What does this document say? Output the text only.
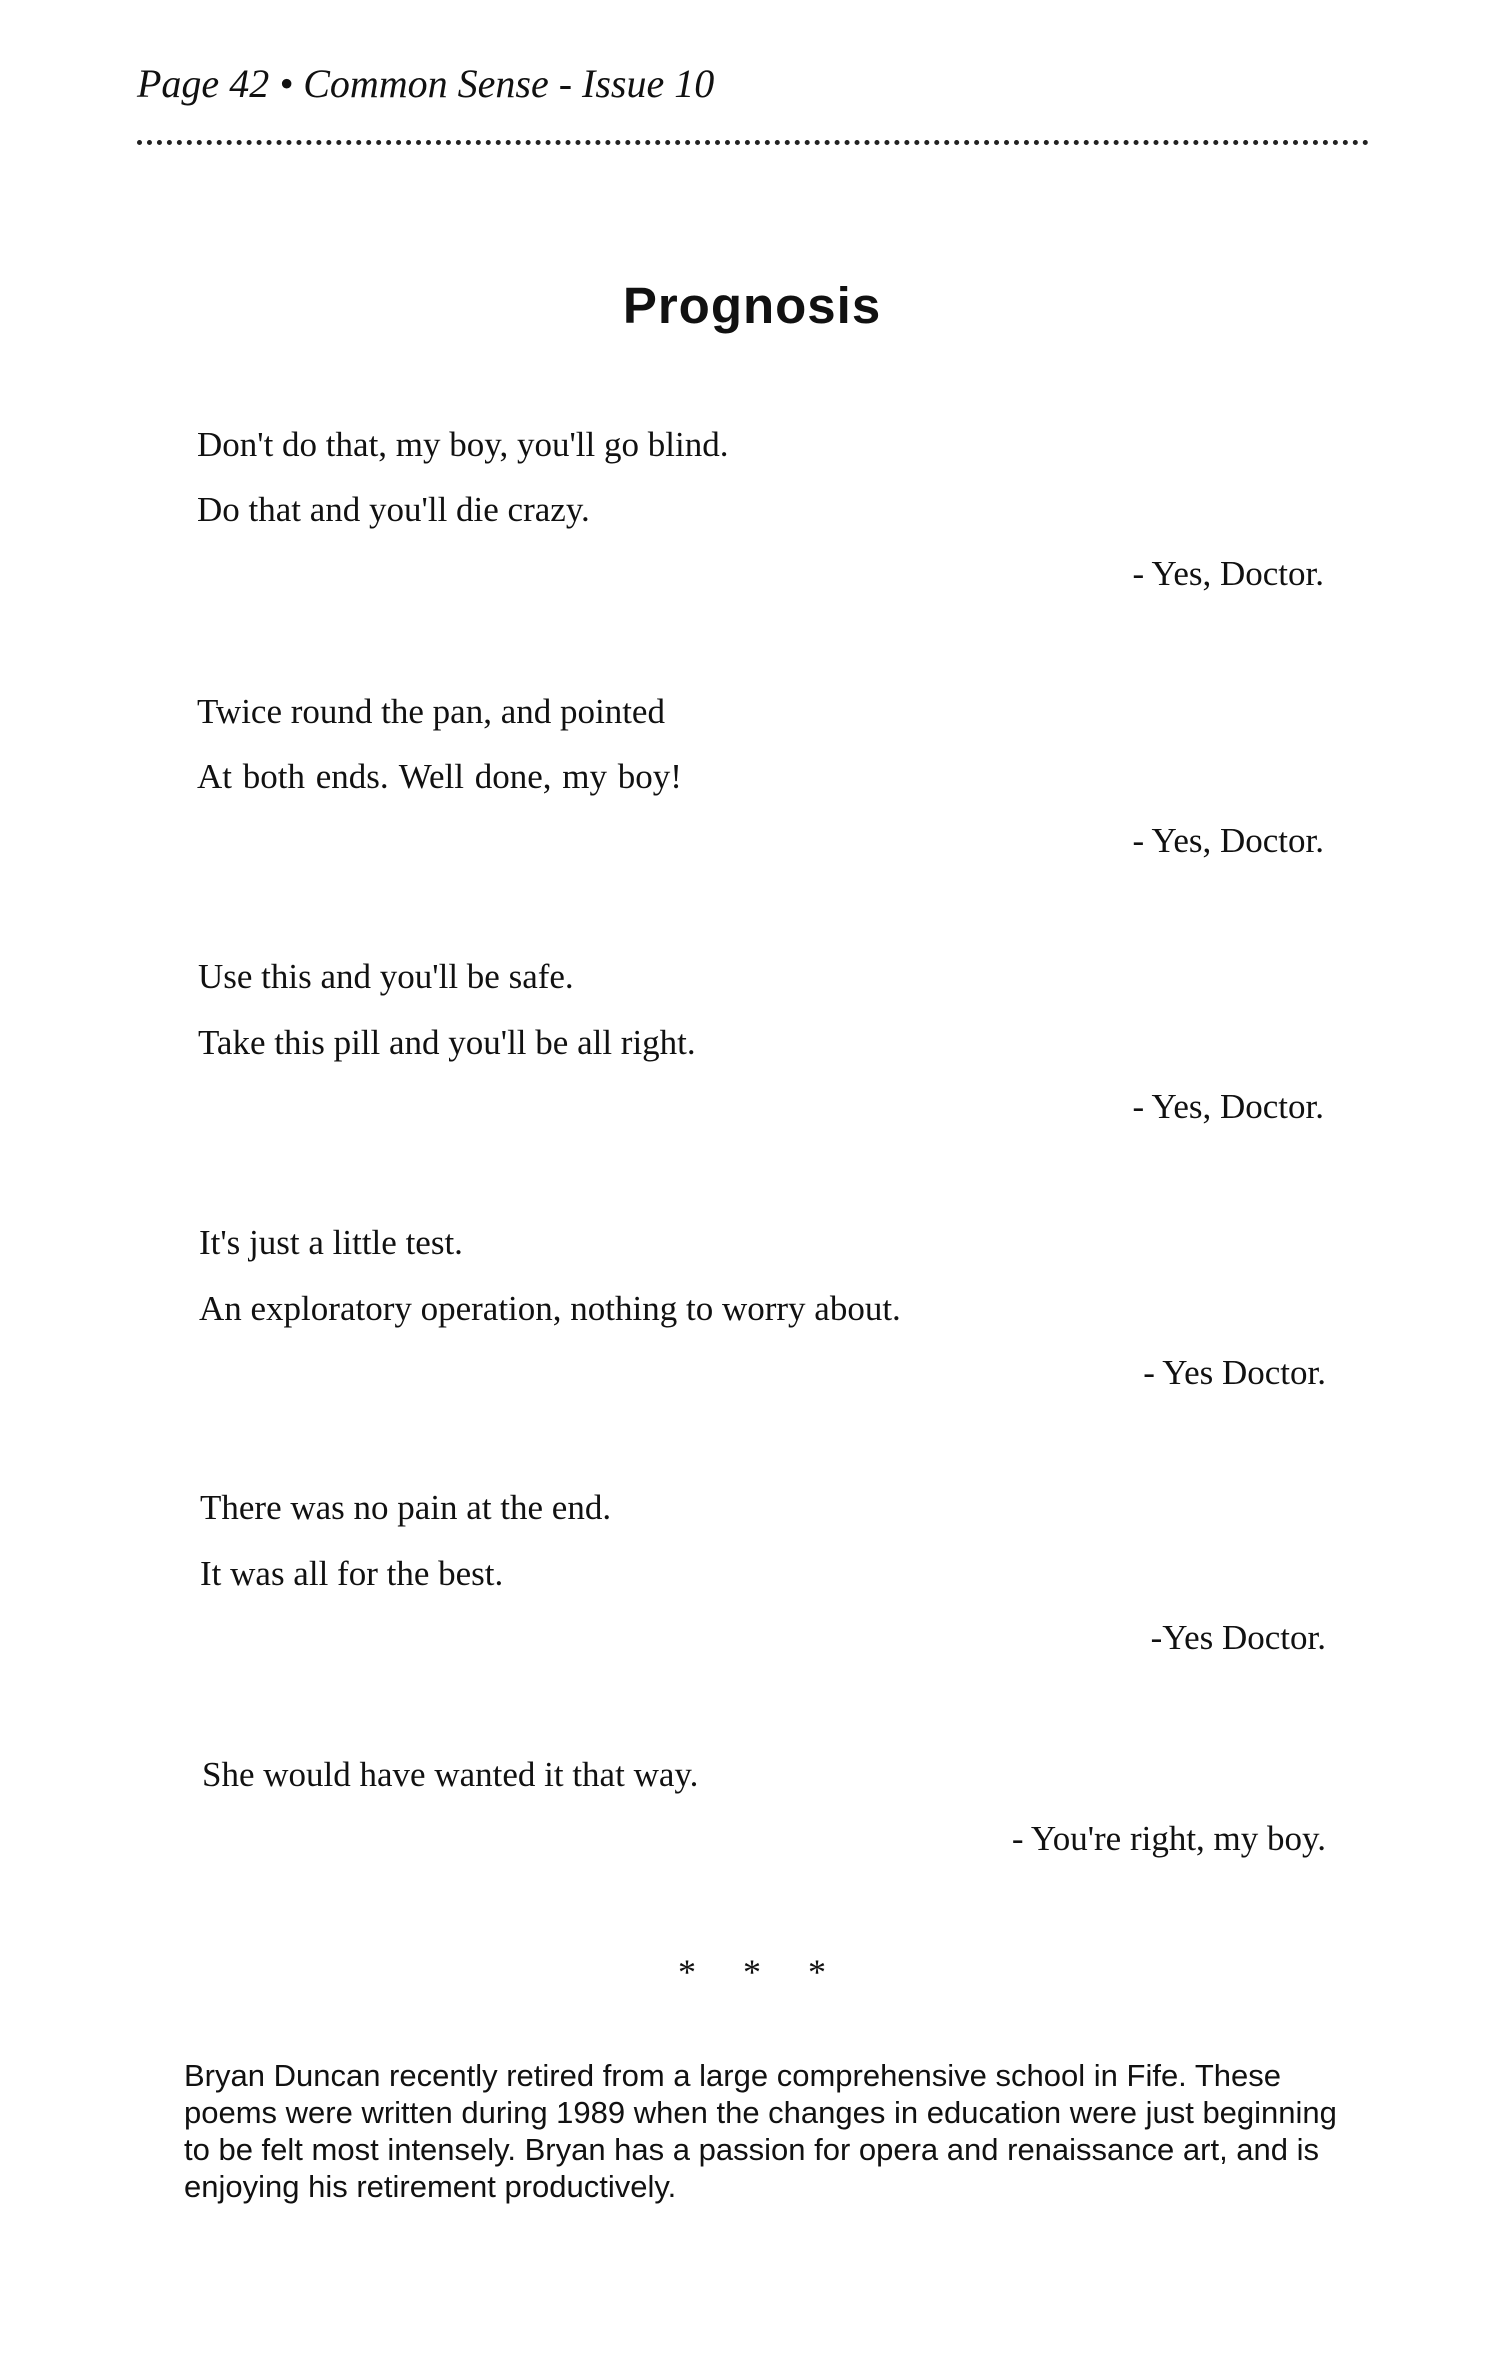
Page 42 • Common Sense - Issue 10
Prognosis
Don't do that, my boy, you'll go blind.
Do that and you'll die crazy.
- Yes, Doctor.
Twice round the pan, and pointed
At both ends. Well done, my boy!
- Yes, Doctor.
Use this and you'll be safe.
Take this pill and you'll be all right.
- Yes, Doctor.
It's just a little test.
An exploratory operation, nothing to worry about.
- Yes Doctor.
There was no pain at the end.
It was all for the best.
-Yes Doctor.
She would have wanted it that way.
- You're right, my boy.
* * *

Bryan Duncan recently retired from a large comprehensive school in Fife. These poems were written during 1989 when the changes in education were just beginning to be felt most intensely. Bryan has a passion for opera and renaissance art, and is enjoying his retirement productively.
